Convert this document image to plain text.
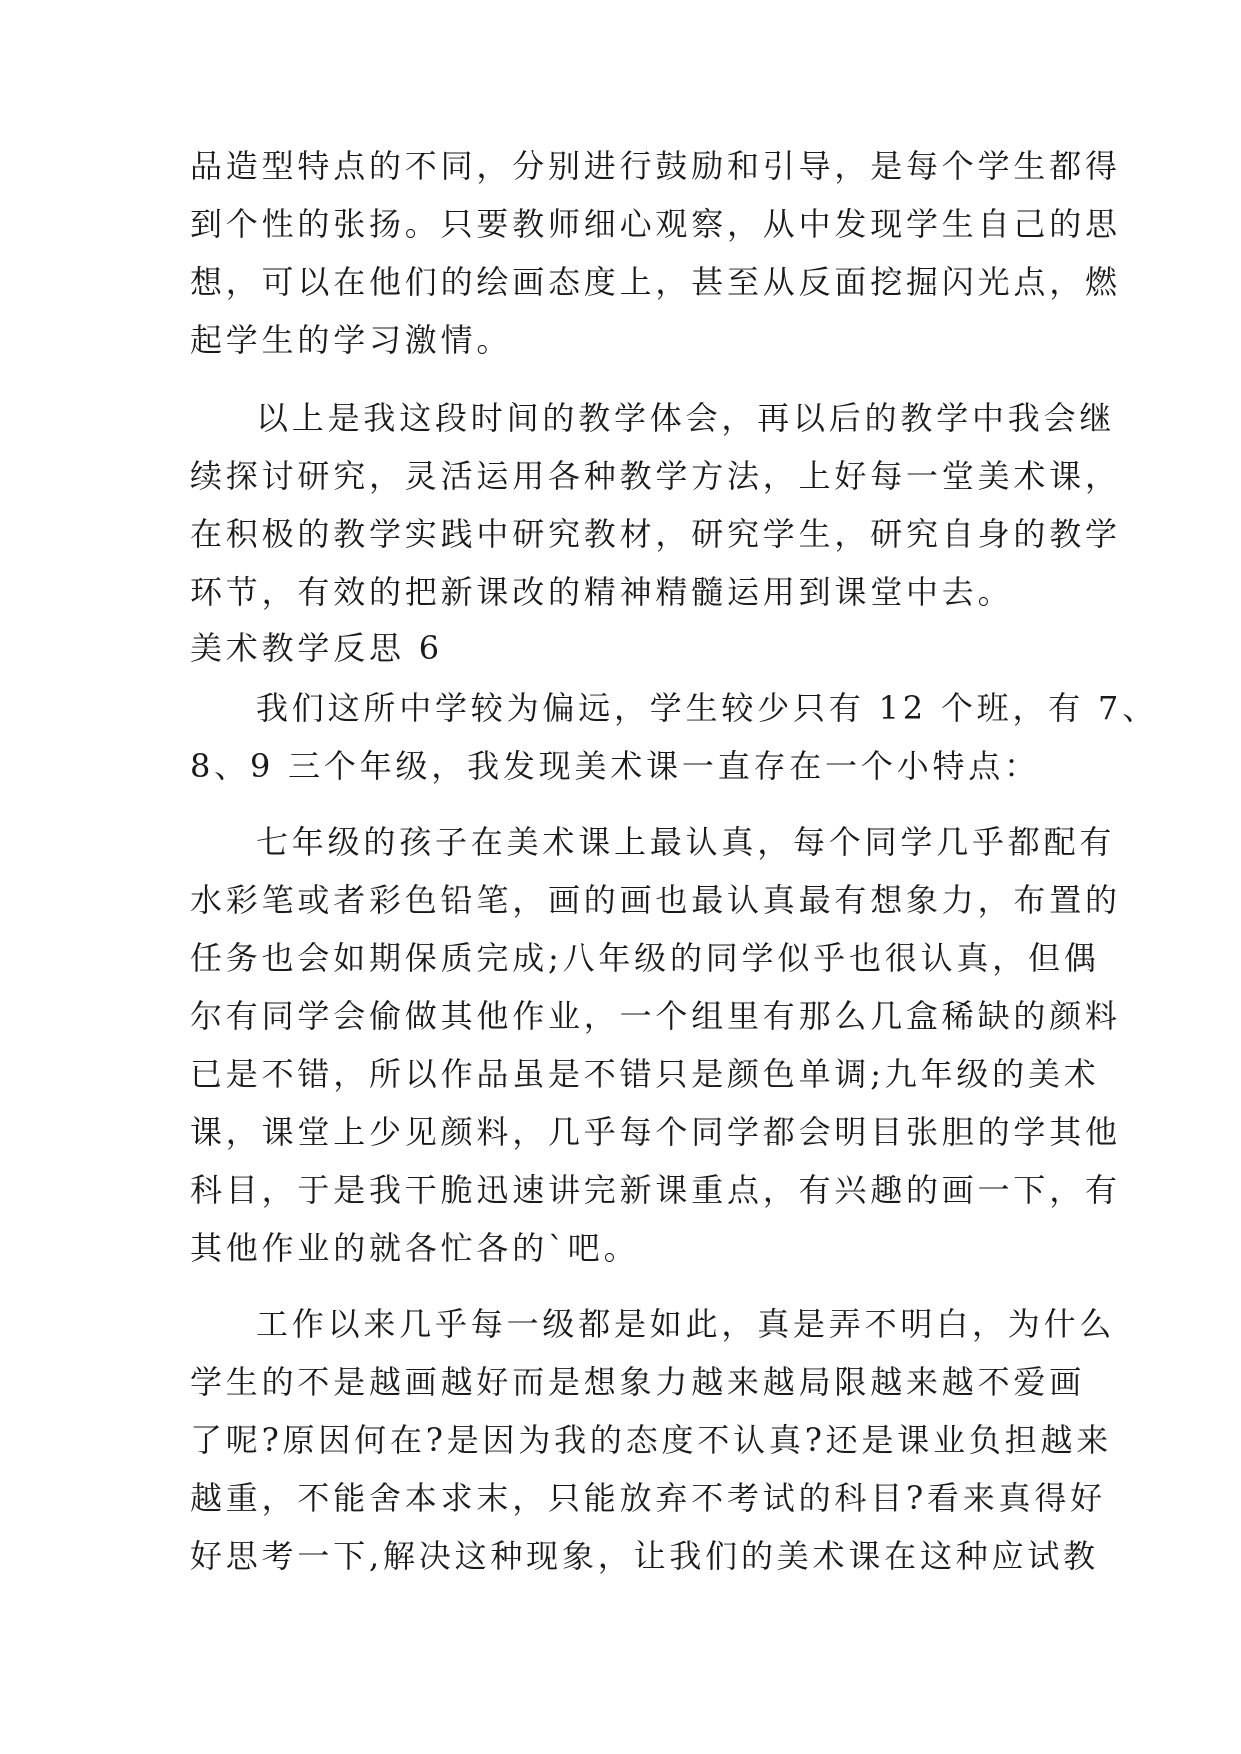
品造型特点的不同，分别进行鼓励和引导，是每个学生都得
到个性的张扬。只要教师细心观察，从中发现学生自己的思
想，可以在他们的绘画态度上，甚至从反面挖掘闪光点，燃
起学生的学习激情。
以上是我这段时间的教学体会，再以后的教学中我会继
续探讨研究，灵活运用各种教学方法，上好每一堂美术课，
在积极的教学实践中研究教材，研究学生，研究自身的教学
环节，有效的把新课改的精神精髓运用到课堂中去。
美术教学反思 6
我们这所中学较为偏远，学生较少只有 12 个班，有 7、
8、9 三个年级，我发现美术课一直存在一个小特点：
七年级的孩子在美术课上最认真，每个同学几乎都配有
水彩笔或者彩色铅笔，画的画也最认真最有想象力，布置的
任务也会如期保质完成;八年级的同学似乎也很认真，但偶
尔有同学会偷做其他作业，一个组里有那么几盒稀缺的颜料
已是不错，所以作品虽是不错只是颜色单调;九年级的美术
课，课堂上少见颜料，几乎每个同学都会明目张胆的学其他
科目，于是我干脆迅速讲完新课重点，有兴趣的画一下，有
其他作业的就各忙各的`吧。
工作以来几乎每一级都是如此，真是弄不明白，为什么
学生的不是越画越好而是想象力越来越局限越来越不爱画
了呢?原因何在?是因为我的态度不认真?还是课业负担越来
越重，不能舍本求末，只能放弃不考试的科目?看来真得好
好思考一下,解决这种现象，让我们的美术课在这种应试教
